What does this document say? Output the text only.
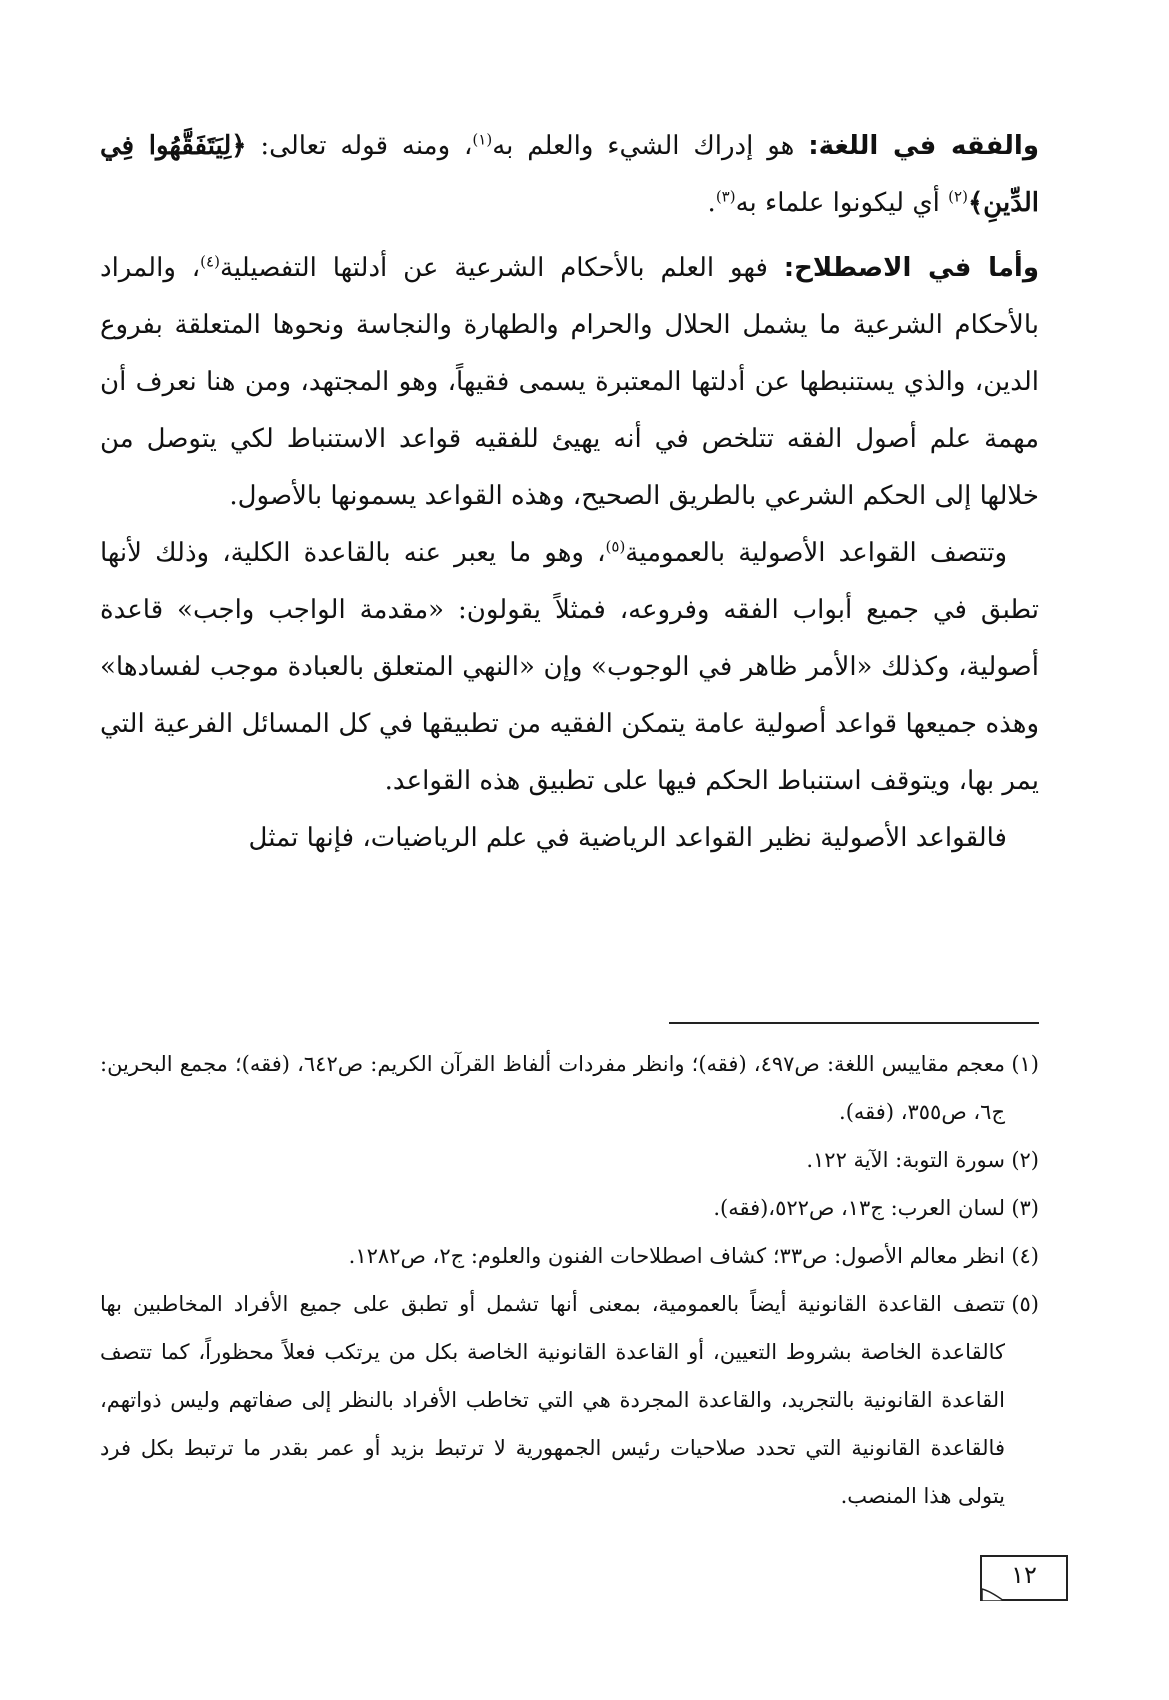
والفقه في اللغة: هو إدراك الشيء والعلم به$^{(١)}$، ومنه قوله تعالى: ﴿لِيَتَفَقَّهُوا فِي الدِّينِ﴾$^{(٢)}$ أي ليكونوا علماء به$^{(٣)}$.

وأما في الاصطلاح: فهو العلم بالأحكام الشرعية عن أدلتها التفصيلية$^{(٤)}$، والمراد بالأحكام الشرعية ما يشمل الحلال والحرام والطهارة والنجاسة ونحوها المتعلقة بفروع الدين، والذي يستنبطها عن أدلتها المعتبرة يسمى فقيهاً، وهو المجتهد، ومن هنا نعرف أن مهمة علم أصول الفقه تتلخص في أنه يهيئ للفقيه قواعد الاستنباط لكي يتوصل من خلالها إلى الحكم الشرعي بالطريق الصحيح، وهذه القواعد يسمونها بالأصول.

وتتصف القواعد الأصولية بالعمومية$^{(٥)}$، وهو ما يعبر عنه بالقاعدة الكلية، وذلك لأنها تطبق في جميع أبواب الفقه وفروعه، فمثلاً يقولون: «مقدمة الواجب واجب» قاعدة أصولية، وكذلك «الأمر ظاهر في الوجوب» وإن «النهي المتعلق بالعبادة موجب لفسادها» وهذه جميعها قواعد أصولية عامة يتمكن الفقيه من تطبيقها في كل المسائل الفرعية التي يمر بها، ويتوقف استنباط الحكم فيها على تطبيق هذه القواعد.

فالقواعد الأصولية نظير القواعد الرياضية في علم الرياضيات، فإنها تمثل

(١)
معجم مقاييس اللغة: ص٤٩٧، (فقه)؛ وانظر مفردات ألفاظ القرآن الكريم: ص٦٤٢، (فقه)؛ مجمع البحرين: ج٦، ص٣٥٥، (فقه).
(٢)
سورة التوبة: الآية ١٢٢.
(٣)
لسان العرب: ج١٣، ص٥٢٢،(فقه).
(٤)
انظر معالم الأصول: ص٣٣؛ كشاف اصطلاحات الفنون والعلوم: ج٢، ص١٢٨٢.
(٥)
تتصف القاعدة القانونية أيضاً بالعمومية، بمعنى أنها تشمل أو تطبق على جميع الأفراد المخاطبين بها كالقاعدة الخاصة بشروط التعيين، أو القاعدة القانونية الخاصة بكل من يرتكب فعلاً محظوراً، كما تتصف القاعدة القانونية بالتجريد، والقاعدة المجردة هي التي تخاطب الأفراد بالنظر إلى صفاتهم وليس ذواتهم، فالقاعدة القانونية التي تحدد صلاحيات رئيس الجمهورية لا ترتبط بزيد أو عمر بقدر ما ترتبط بكل فرد يتولى هذا المنصب.
١٢
